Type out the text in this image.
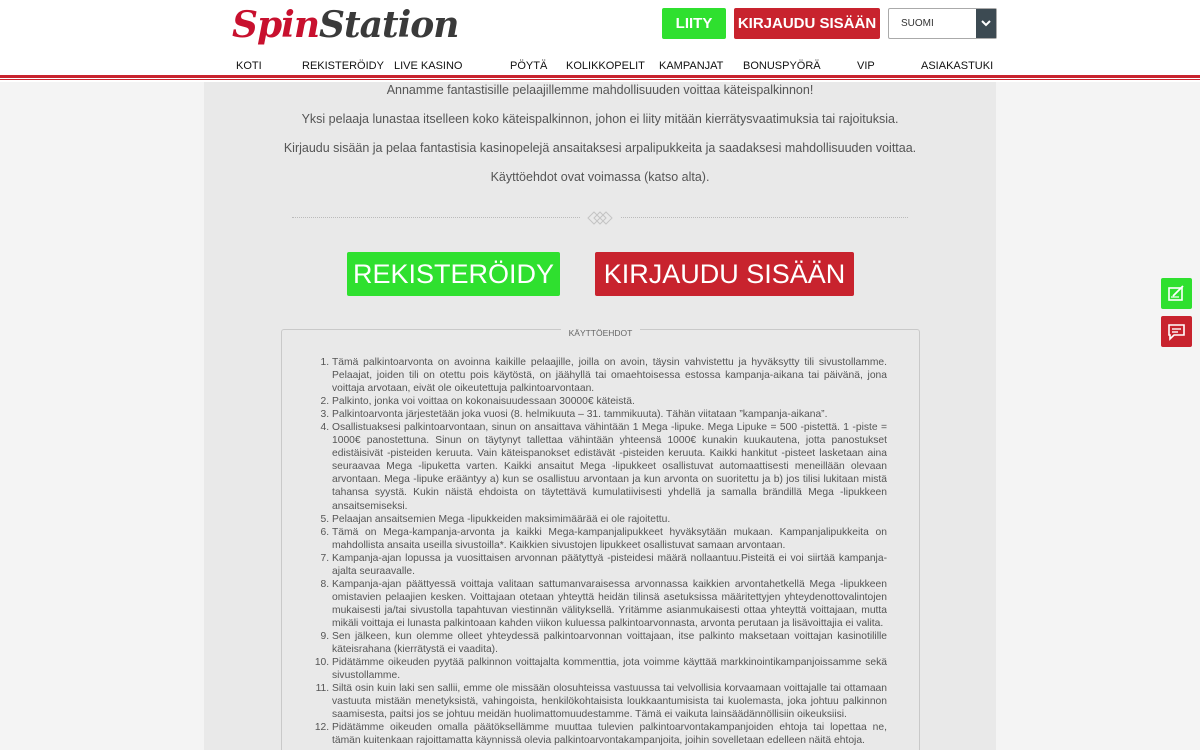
SpinStation	LIITY	KIRJAUDU SISÄÄN	SUOMI
KOTI	REKISTERÖIDY LIVE KASINO	PÖYTÄ KOLIKKOPELIT KAMPANJAT BONUSPYÖRÄ	VIP	ASIAKASTUKI

Annamme fantastisille pelaajillemme mahdollisuuden voittaa käteispalkinnon!

Yksi pelaaja lunastaa itselleen koko käteispalkinnon, johon ei liity mitään kierrätysvaatimuksia tai rajoituksia.

Kirjaudu sisään ja pelaa fantastisia kasinopelejä ansaitaksesi arpalipukkeita ja saadaksesi mahdollisuuden voittaa.

Käyttöehdot ovat voimassa (katso alta).

REKISTERÖIDY	KIRJAUDU SISÄÄN
KÄYTTÖEHDOT
1. Tämä palkintoarvonta on avoinna kaikille pelaajille, joilla on avoin, täysin vahvistettu ja hyväksytty tili sivustollamme. Pelaajat, joiden tili on otettu pois käytöstä, on jäähyllä tai omaehtoisessa estossa kampanja-aikana tai päivänä, jona voittaja arvotaan, eivät ole oikeutettuja palkintoarvontaan.
2. Palkinto, jonka voi voittaa on kokonaisuudessaan 30000€ käteistä.
3. Palkintoarvonta järjestetään joka vuosi (8. helmikuuta – 31. tammikuuta). Tähän viitataan ”kampanja-aikana”.
4. Osallistuaksesi palkintoarvontaan, sinun on ansaittava vähintään 1 Mega -lipuke. Mega Lipuke = 500 -pistettä. 1 -piste = 1000€ panostettuna. Sinun on täytynyt tallettaa vähintään yhteensä 1000€ kunakin kuukautena, jotta panostukset edistäisivät -pisteiden keruuta. Vain käteispanokset edistävät -pisteiden keruuta. Kaikki hankitut -pisteet lasketaan aina seuraavaa Mega -lipuketta varten. Kaikki ansaitut Mega -lipukkeet osallistuvat automaattisesti meneillään olevaan arvontaan. Mega -lipuke erääntyy a) kun se osallistuu arvontaan ja kun arvonta on suoritettu ja b) jos tilisi lukitaan mistä tahansa syystä. Kukin näistä ehdoista on täytettävä kumulatiivisesti yhdellä ja samalla brändillä Mega -lipukkeen ansaitsemiseksi.
5. Pelaajan ansaitsemien Mega -lipukkeiden maksimimäärää ei ole rajoitettu.
6. Tämä on Mega-kampanja-arvonta ja kaikki Mega-kampanjalipukkeet hyväksytään mukaan. Kampanjalipukkeita on mahdollista ansaita useilla sivustoilla*. Kaikkien sivustojen lipukkeet osallistuvat samaan arvontaan.
7. Kampanja-ajan lopussa ja vuosittaisen arvonnan päätyttyä -pisteidesi määrä nollaantuu.Pisteitä ei voi siirtää kampanja-ajalta seuraavalle.
8. Kampanja-ajan päättyessä voittaja valitaan sattumanvaraisessa arvonnassa kaikkien arvontahetkellä Mega -lipukkeen omistavien pelaajien kesken. Voittajaan otetaan yhteyttä heidän tilinsä asetuksissa määritettyjen yhteydenottovalintojen mukaisesti ja/tai sivustolla tapahtuvan viestinnän välityksellä. Yritämme asianmukaisesti ottaa yhteyttä voittajaan, mutta mikäli voittaja ei lunasta palkintoaan kahden viikon kuluessa palkintoarvonnasta, arvonta perutaan ja lisävoittajia ei valita.
9. Sen jälkeen, kun olemme olleet yhteydessä palkintoarvonnan voittajaan, itse palkinto maksetaan voittajan kasinotilille käteisrahana (kierrätystä ei vaadita).
10. Pidätämme oikeuden pyytää palkinnon voittajalta kommenttia, jota voimme käyttää markkinointikampanjoissamme sekä sivustollamme.
11. Siltä osin kuin laki sen sallii, emme ole missään olosuhteissa vastuussa tai velvollisia korvaamaan voittajalle tai ottamaan vastuuta mistään menetyksistä, vahingoista, henkilökohtaisista loukkaantumisista tai kuolemasta, joka johtuu palkinnon saamisesta, paitsi jos se johtuu meidän huolimattomuudestamme. Tämä ei vaikuta lainsäädännöllisiin oikeuksiisi.
12. Pidätämme oikeuden omalla päätöksellämme muuttaa tulevien palkintoarvontakampanjoiden ehtoja tai lopettaa ne, tämän kuitenkaan rajoittamatta käynnissä olevia palkintoarvontakampanjoita, joihin sovelletaan edelleen näitä ehtoja.
